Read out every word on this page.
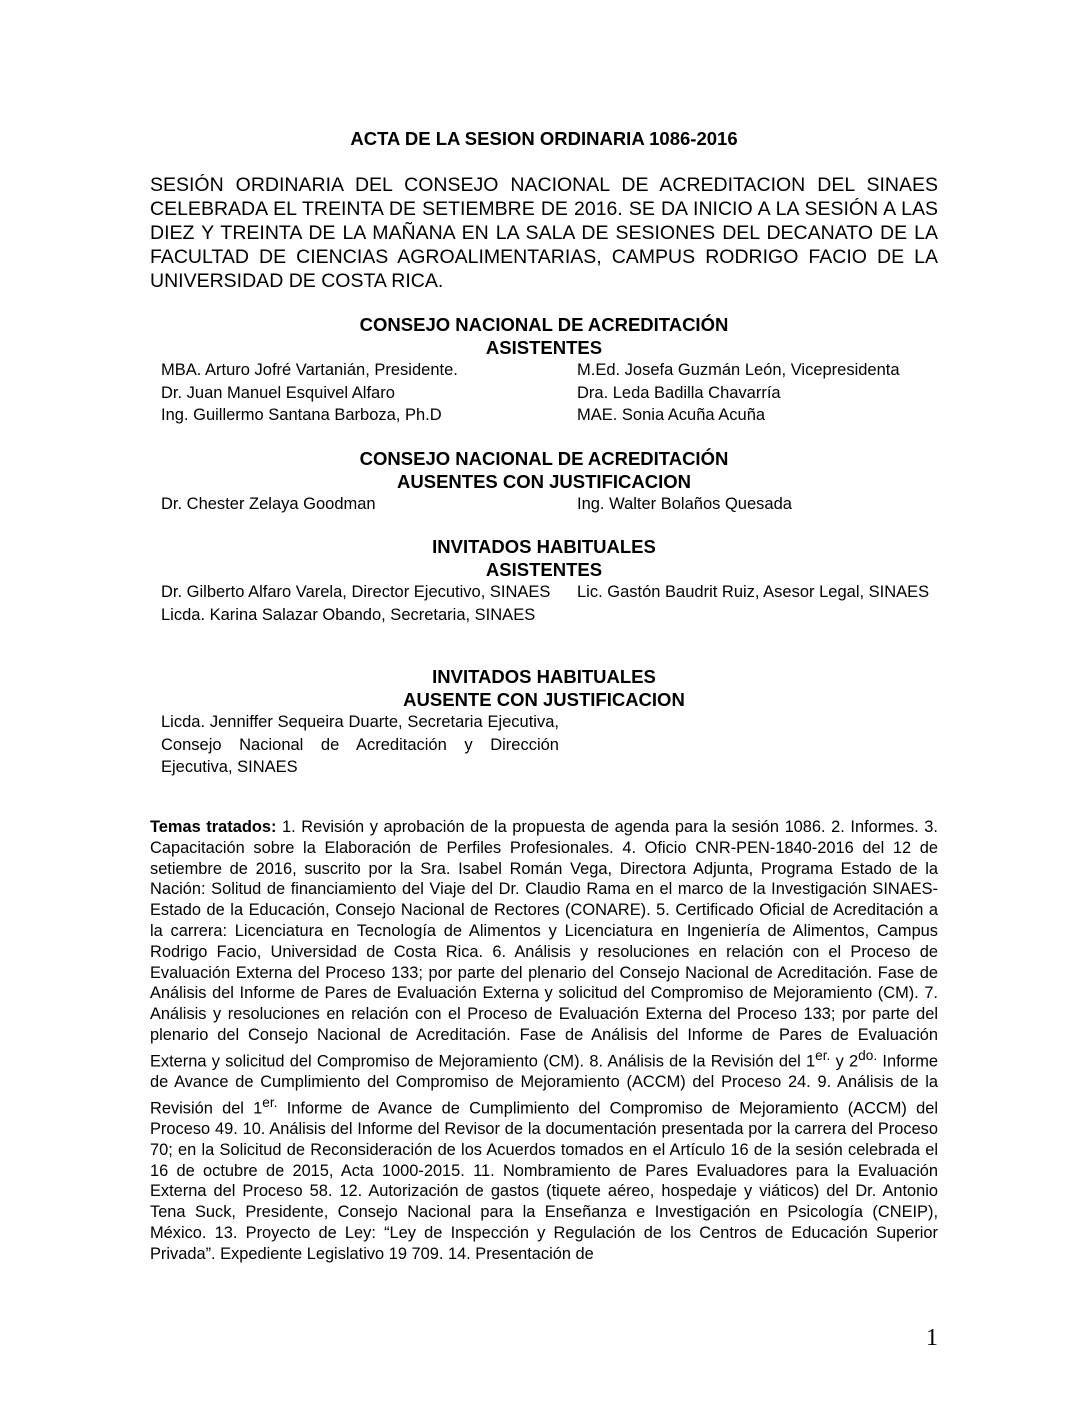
ACTA DE LA SESION ORDINARIA 1086-2016

SESIÓN ORDINARIA DEL CONSEJO NACIONAL DE ACREDITACION DEL SINAES CELEBRADA EL TREINTA DE SETIEMBRE DE 2016. SE DA INICIO A LA SESIÓN A LAS DIEZ Y TREINTA DE LA MAÑANA EN LA SALA DE SESIONES DEL DECANATO DE LA FACULTAD DE CIENCIAS AGROALIMENTARIAS, CAMPUS RODRIGO FACIO DE LA UNIVERSIDAD DE COSTA RICA.

CONSEJO NACIONAL DE ACREDITACIÓN
ASISTENTES
MBA. Arturo Jofré Vartanián, Presidente.	M.Ed. Josefa Guzmán León, Vicepresidenta
Dr. Juan Manuel Esquivel Alfaro	Dra. Leda Badilla Chavarría
Ing. Guillermo Santana Barboza, Ph.D	MAE. Sonia Acuña Acuña
CONSEJO NACIONAL DE ACREDITACIÓN
AUSENTES CON JUSTIFICACION
Dr. Chester Zelaya Goodman	Ing. Walter Bolaños Quesada
INVITADOS HABITUALES
ASISTENTES
Dr. Gilberto Alfaro Varela, Director Ejecutivo, SINAES	Lic. Gastón Baudrit Ruiz, Asesor Legal, SINAES
Licda. Karina Salazar Obando, Secretaria, SINAES
INVITADOS HABITUALES
AUSENTE CON JUSTIFICACION
Licda. Jenniffer Sequeira Duarte, Secretaria Ejecutiva, Consejo Nacional de Acreditación y Dirección Ejecutiva, SINAES

Temas tratados: 1. Revisión y aprobación de la propuesta de agenda para la sesión 1086. 2. Informes. 3. Capacitación sobre la Elaboración de Perfiles Profesionales. 4. Oficio CNR-PEN-1840-2016 del 12 de setiembre de 2016, suscrito por la Sra. Isabel Román Vega, Directora Adjunta, Programa Estado de la Nación: Solitud de financiamiento del Viaje del Dr. Claudio Rama en el marco de la Investigación SINAES-Estado de la Educación, Consejo Nacional de Rectores (CONARE). 5. Certificado Oficial de Acreditación a la carrera: Licenciatura en Tecnología de Alimentos y Licenciatura en Ingeniería de Alimentos, Campus Rodrigo Facio, Universidad de Costa Rica. 6. Análisis y resoluciones en relación con el Proceso de Evaluación Externa del Proceso 133; por parte del plenario del Consejo Nacional de Acreditación. Fase de Análisis del Informe de Pares de Evaluación Externa y solicitud del Compromiso de Mejoramiento (CM). 7. Análisis y resoluciones en relación con el Proceso de Evaluación Externa del Proceso 133; por parte del plenario del Consejo Nacional de Acreditación. Fase de Análisis del Informe de Pares de Evaluación Externa y solicitud del Compromiso de Mejoramiento (CM). 8. Análisis de la Revisión del $1^{er.}$ y $2^{do.}$ Informe de Avance de Cumplimiento del Compromiso de Mejoramiento (ACCM) del Proceso 24. 9. Análisis de la Revisión del $1^{er.}$ Informe de Avance de Cumplimiento del Compromiso de Mejoramiento (ACCM) del Proceso 49. 10. Análisis del Informe del Revisor de la documentación presentada por la carrera del Proceso 70; en la Solicitud de Reconsideración de los Acuerdos tomados en el Artículo 16 de la sesión celebrada el 16 de octubre de 2015, Acta 1000-2015. 11. Nombramiento de Pares Evaluadores para la Evaluación Externa del Proceso 58. 12. Autorización de gastos (tiquete aéreo, hospedaje y viáticos) del Dr. Antonio Tena Suck, Presidente, Consejo Nacional para la Enseñanza e Investigación en Psicología (CNEIP), México. 13. Proyecto de Ley: “Ley de Inspección y Regulación de los Centros de Educación Superior Privada”. Expediente Legislativo 19 709. 14. Presentación de

1
